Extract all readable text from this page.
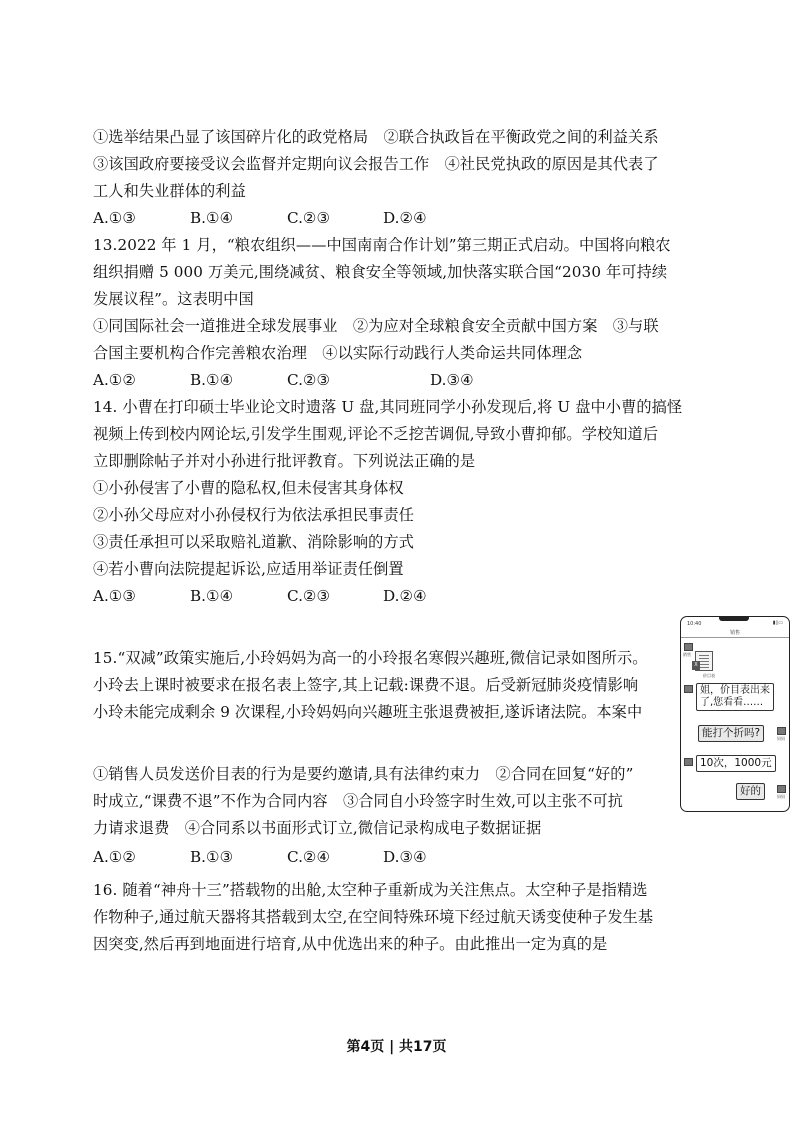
①选举结果凸显了该国碎片化的政党格局　②联合执政旨在平衡政党之间的利益关系
③该国政府要接受议会监督并定期向议会报告工作　④社民党执政的原因是其代表了
工人和失业群体的利益
A.①③	B.①④	C.②③	D.②④
13.2022 年 1 月，“粮农组织——中国南南合作计划”第三期正式启动。中国将向粮农
组织捐赠 5 000 万美元,围绕减贫、粮食安全等领域,加快落实联合国“2030 年可持续
发展议程”。这表明中国
①同国际社会一道推进全球发展事业　②为应对全球粮食安全贡献中国方案　③与联
合国主要机构合作完善粮农治理　④以实际行动践行人类命运共同体理念
A.①②	B.①④	C.②③	D.③④
14. 小曹在打印硕士毕业论文时遗落 U 盘,其同班同学小孙发现后,将 U 盘中小曹的搞怪
视频上传到校内网论坛,引发学生围观,评论不乏挖苦调侃,导致小曹抑郁。学校知道后
立即删除帖子并对小孙进行批评教育。下列说法正确的是
①小孙侵害了小曹的隐私权,但未侵害其身体权
②小孙父母应对小孙侵权行为依法承担民事责任
③责任承担可以采取赔礼道歉、消除影响的方式
④若小曹向法院提起诉讼,应适用举证责任倒置
A.①③	B.①④	C.②③	D.②④
15.“双减”政策实施后,小玲妈妈为高一的小玲报名寒假兴趣班,微信记录如图所示。
小玲去上课时被要求在报名表上签字,其上记载:课费不退。后受新冠肺炎疫情影响
小玲未能完成剩余 9 次课程,小玲妈妈向兴趣班主张退费被拒,遂诉诸法院。本案中
①销售人员发送价目表的行为是要约邀请,具有法律约束力　②合同在回复“好的”
时成立,“课费不退”不作为合同内容　③合同自小玲签字时生效,可以主张不可抗
力请求退费　④合同系以书面形式订立,微信记录构成电子数据证据
A.①②	B.①③	C.②④	D.③④
10:40	▮▯▭
销售
销售
X
价目表
姐，价目表出来
了,您看看……
能打个折吗?	妈妈
10次，1000元
好的	妈妈
16. 随着“神舟十三”搭载物的出舱,太空种子重新成为关注焦点。太空种子是指精选
作物种子,通过航天器将其搭载到太空,在空间特殊环境下经过航天诱变使种子发生基
因突变,然后再到地面进行培育,从中优选出来的种子。由此推出一定为真的是
第4页 | 共17页
